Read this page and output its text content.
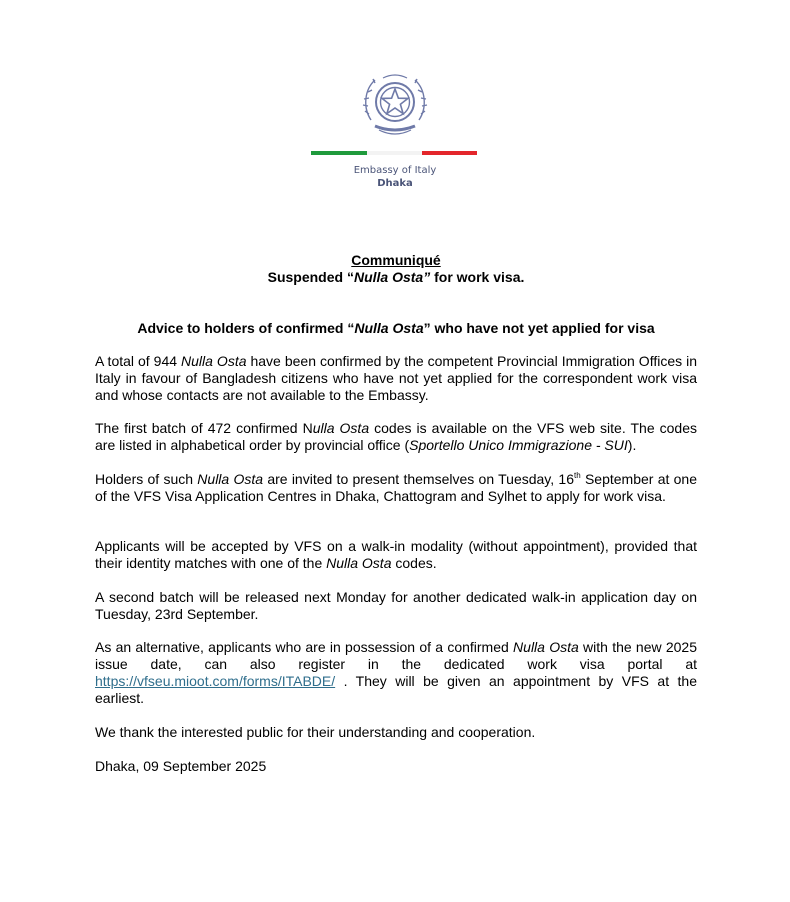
Embassy of Italy
Dhaka
Communiqué
Suspended “Nulla Osta” for work visa.
Advice to holders of confirmed “Nulla Osta” who have not yet applied for visa
A total of 944 Nulla Osta have been confirmed by the competent Provincial Immigration Offices in Italy in favour of Bangladesh citizens who have not yet applied for the correspondent work visa and whose contacts are not available to the Embassy.
The first batch of 472 confirmed Nulla Osta codes is available on the VFS web site. The codes are listed in alphabetical order by provincial office (Sportello Unico Immigrazione - SUI).
Holders of such Nulla Osta are invited to present themselves on Tuesday, 16th September at one of the VFS Visa Application Centres in Dhaka, Chattogram and Sylhet to apply for work visa.
Applicants will be accepted by VFS on a walk-in modality (without appointment), provided that their identity matches with one of the Nulla Osta codes.
A second batch will be released next Monday for another dedicated walk-in application day on Tuesday, 23rd September.
As an alternative, applicants who are in possession of a confirmed Nulla Osta with the new 2025 issue date, can also register in the dedicated work visa portal at https://vfseu.mioot.com/forms/ITABDE/ . They will be given an appointment by VFS at the earliest.
We thank the interested public for their understanding and cooperation.
Dhaka, 09 September 2025
